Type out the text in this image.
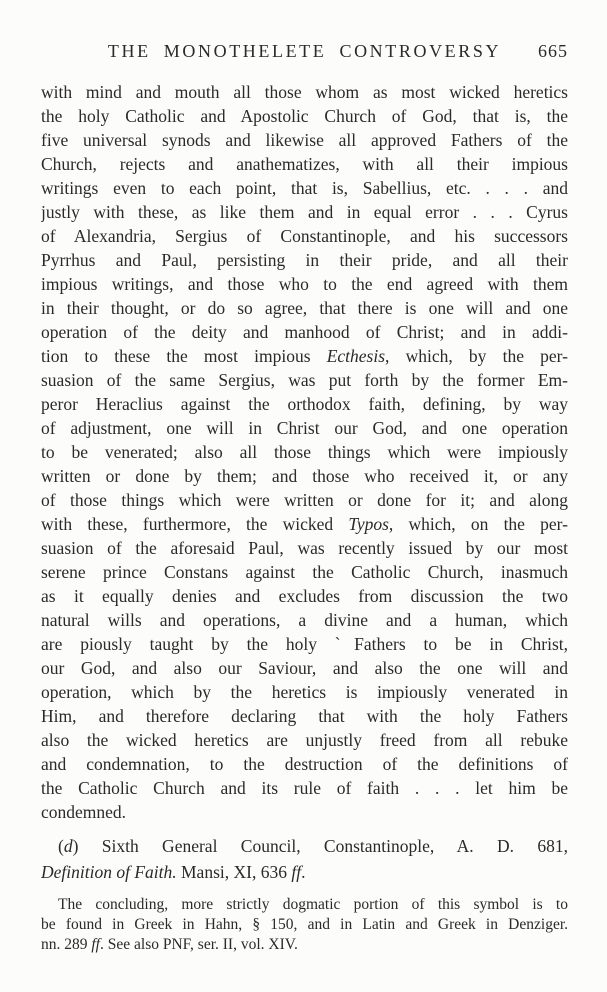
THE MONOTHELETE CONTROVERSY	665
with mind and mouth all those whom as most wicked heretics
the holy Catholic and Apostolic Church of God, that is, the
five universal synods and likewise all approved Fathers of the
Church, rejects and anathematizes, with all their impious
writings even to each point, that is, Sabellius, etc. . . . and
justly with these, as like them and in equal error . . . Cyrus
of Alexandria, Sergius of Constantinople, and his successors
Pyrrhus and Paul, persisting in their pride, and all their
impious writings, and those who to the end agreed with them
in their thought, or do so agree, that there is one will and one
operation of the deity and manhood of Christ; and in addi-
tion to these the most impious Ecthesis, which, by the per-
suasion of the same Sergius, was put forth by the former Em-
peror Heraclius against the orthodox faith, defining, by way
of adjustment, one will in Christ our God, and one operation
to be venerated; also all those things which were impiously
written or done by them; and those who received it, or any
of those things which were written or done for it; and along
with these, furthermore, the wicked Typos, which, on the per-
suasion of the aforesaid Paul, was recently issued by our most
serene prince Constans against the Catholic Church, inasmuch
as it equally denies and excludes from discussion the two
natural wills and operations, a divine and a human, which
are piously taught by the holy ˋFathers to be in Christ,
our God, and also our Saviour, and also the one will and
operation, which by the heretics is impiously venerated in
Him, and therefore declaring that with the holy Fathers
also the wicked heretics are unjustly freed from all rebuke
and condemnation, to the destruction of the definitions of
the Catholic Church and its rule of faith . . . let him be
condemned.
(d) Sixth General Council, Constantinople, A. D. 681,
Definition of Faith. Mansi, XI, 636 ff.
The concluding, more strictly dogmatic portion of this symbol is to
be found in Greek in Hahn, § 150, and in Latin and Greek in Denziger.
nn. 289 ff. See also PNF, ser. II, vol. XIV.
